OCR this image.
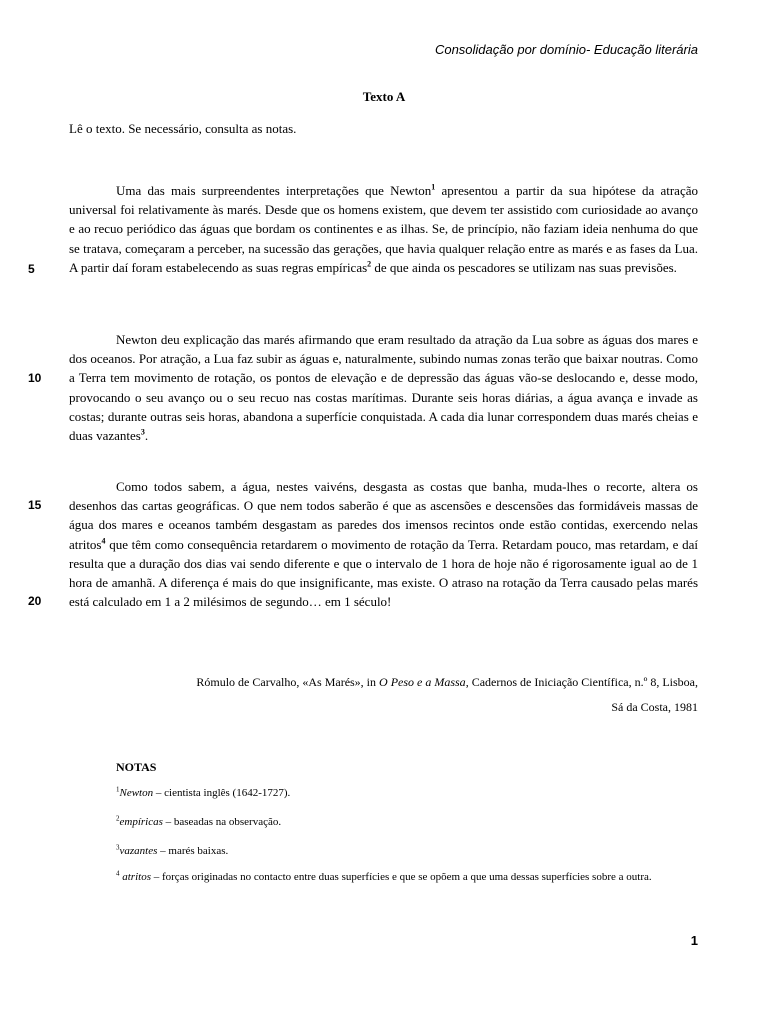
Consolidação por domínio- Educação literária
Texto A
Lê o texto. Se necessário, consulta as notas.
Uma das mais surpreendentes interpretações que Newton$^1$ apresentou a partir da sua hipótese da atração universal foi relativamente às marés. Desde que os homens existem, que devem ter assistido com curiosidade ao avanço e ao recuo periódico das águas que bordam os continentes e as ilhas. Se, de princípio, não faziam ideia nenhuma do que se tratava, começaram a perceber, na sucessão das gerações, que havia qualquer relação entre as marés e as fases da Lua. A partir daí foram estabelecendo as suas regras empíricas$^2$ de que ainda os pescadores se utilizam nas suas previsões.
Newton deu explicação das marés afirmando que eram resultado da atração da Lua sobre as águas dos mares e dos oceanos. Por atração, a Lua faz subir as águas e, naturalmente, subindo numas zonas terão que baixar noutras. Como a Terra tem movimento de rotação, os pontos de elevação e de depressão das águas vão-se deslocando e, desse modo, provocando o seu avanço ou o seu recuo nas costas marítimas. Durante seis horas diárias, a água avança e invade as costas; durante outras seis horas, abandona a superfície conquistada. A cada dia lunar correspondem duas marés cheias e duas vazantes$^3$.
Como todos sabem, a água, nestes vaivéns, desgasta as costas que banha, muda-lhes o recorte, altera os desenhos das cartas geográficas. O que nem todos saberão é que as ascensões e descensões das formidáveis massas de água dos mares e oceanos também desgastam as paredes dos imensos recintos onde estão contidas, exercendo nelas atritos$^4$ que têm como consequência retardarem o movimento de rotação da Terra. Retardam pouco, mas retardam, e daí resulta que a duração dos dias vai sendo diferente e que o intervalo de 1 hora de hoje não é rigorosamente igual ao de 1 hora de amanhã. A diferença é mais do que insignificante, mas existe. O atraso na rotação da Terra causado pelas marés está calculado em 1 a 2 milésimos de segundo… em 1 século!
5
10
15
20
Rómulo de Carvalho, «As Marés», in O Peso e a Massa, Cadernos de Iniciação Científica, n.º 8, Lisboa,
Sá da Costa, 1981
NOTAS
$^1$Newton – cientista inglês (1642-1727).
$^2$empíricas – baseadas na observação.
$^3$vazantes – marés baixas.
$^4$ atritos – forças originadas no contacto entre duas superfícies e que se opõem a que uma dessas superfícies sobre a outra.
1
